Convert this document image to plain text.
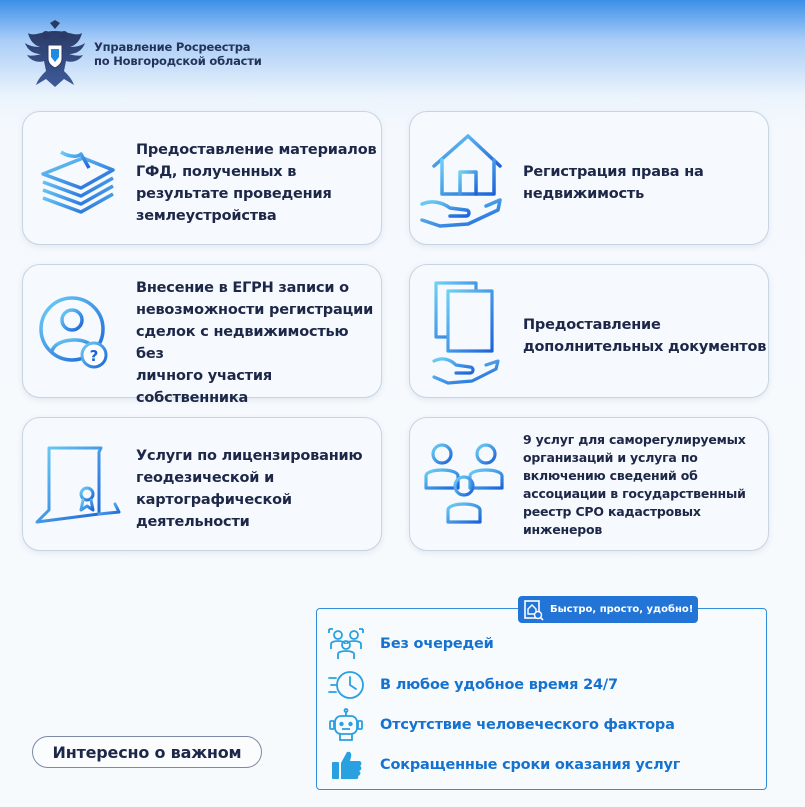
Управление Росреестра
по Новгородской области
Предоставление материалов
ГФД, полученных в
результате проведения
землеустройства
Регистрация права на
недвижимость
?
Внесение в ЕГРН записи о
невозможности регистрации
сделок с недвижимостью без
личного участия
собственника
Предоставление
дополнительных документов
Услуги по лицензированию
геодезической и
картографической
деятельности
9 услуг для саморегулируемых
организаций и услуга по
включению сведений об
ассоциации в государственный
реестр СРО кадастровых
инженеров
Быстро, просто, удобно!
Без очередей
В любое удобное время 24/7
Отсутствие человеческого фактора
Сокращенные сроки оказания услуг
Интересно о важном
